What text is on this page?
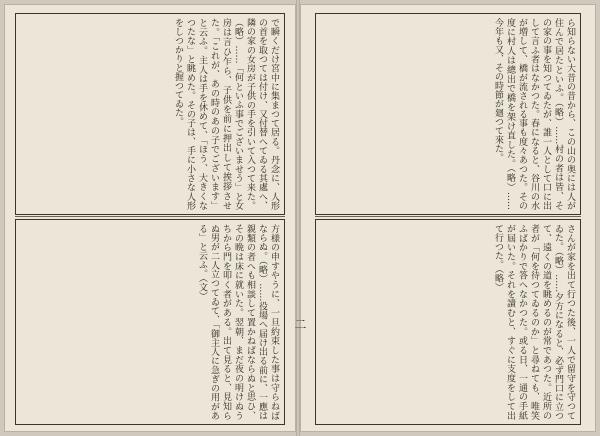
で瞬くだけ宮中に集まつて居る。丹念に、人形の首を取つては付け、又付替へてゐる其處へ、隣の家の女房が子供の手を引いて入つて来た。（略）……「何といふ事でございませう」と女房は言ひ乍ら、子供を前に押出して挨拶させた。「これが、あの時のあの子でございます」と云ふ。主人は手を休めて、「ほう、大きくなつたな」と眺めた。その子は、手に小さな人形をしつかりと握つてゐた。
方様の申すやうに、一旦約束した事は守らねばならぬ。（略）……役場へ届け出る前に、一應は親類の者へも相談して置かねばならぬと思ひ、その晩は床に就いた。翌朝、まだ夜の明けぬうちから門を叩く者がある。出て見ると、見知らぬ男が二人立つてゐて、「御主人に急ぎの用がある」と云ふ。（文）
ら知らない大昔の昔から、この山の奥には人が住んで居たといふ。（略）……村の者は皆、その家の事を知つてゐたが、誰一人として口に出して言ふ者はなかつた。春になると、谷川の水が増して、橋が流される事も度々あつた。その度に村人は總出で橋を架け直した。（略）……今年も又、その時節が廻つて來た。
さんが家を出て行つた後、一人で留守を守つてゐた。（略）……夕方になると、必ず門口に立つて、遠くの道を眺めるのが常であつた。近所の者が「何を待つてゐるのか」と尋ねても、唯笑ふばかりで答へなかつた。或る日、一通の手紙が屆いた。それを讀むと、すぐに支度をして出て行つた。（略）
二
